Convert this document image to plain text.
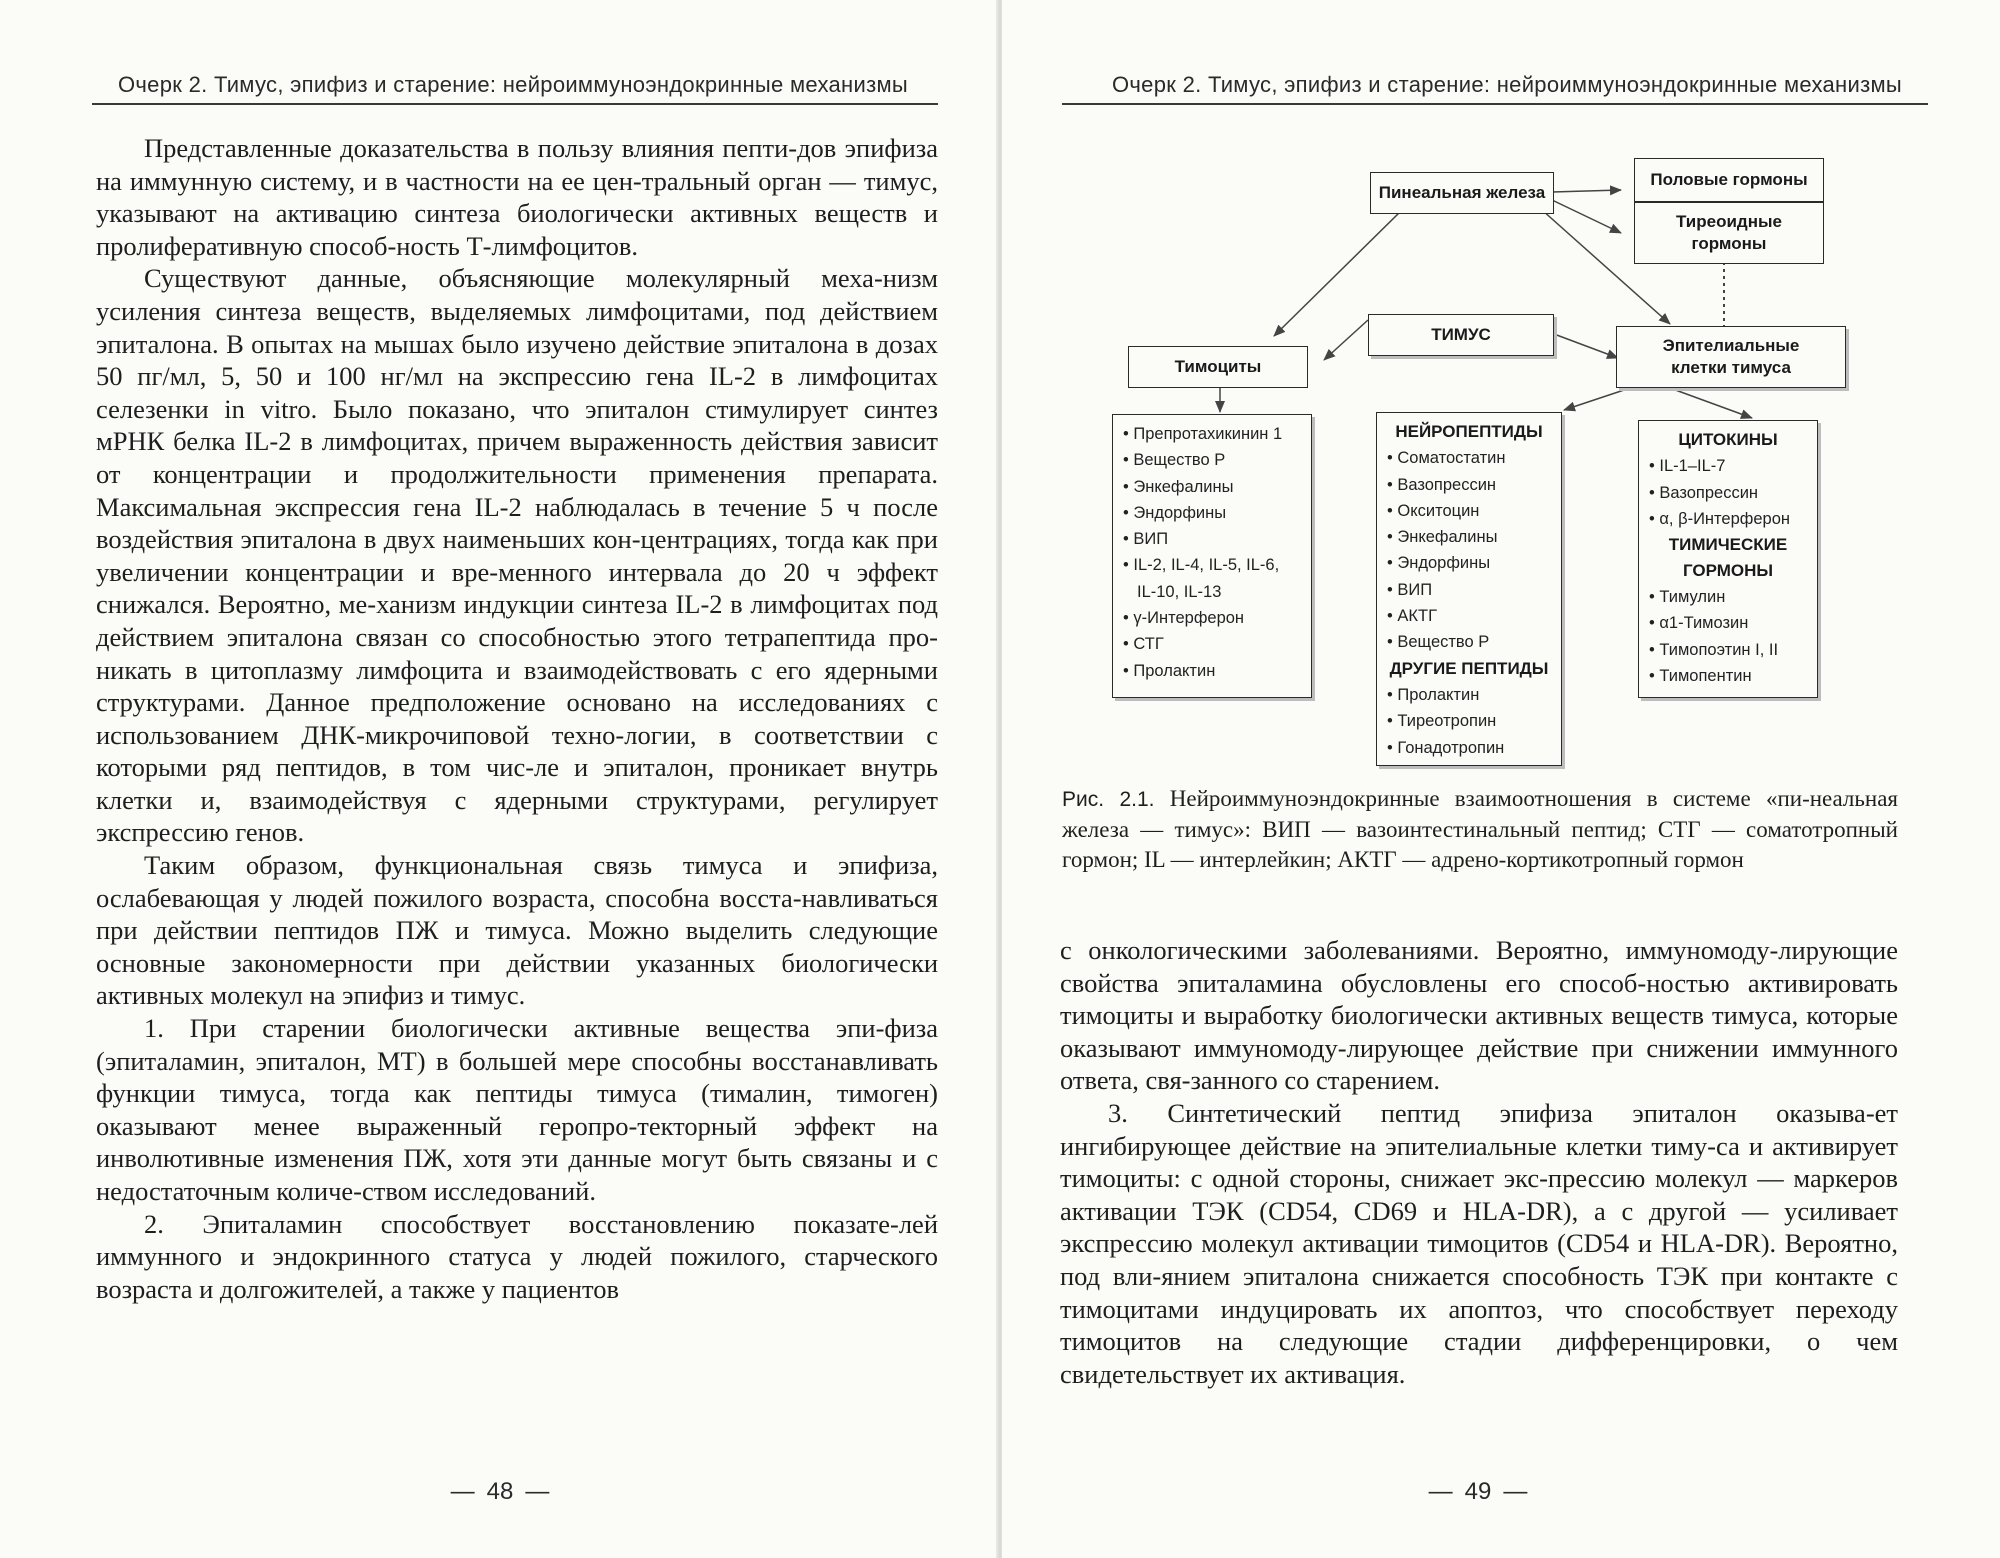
Очерк 2. Тимус, эпифиз и старение: нейроиммуноэндокринные механизмы

Представленные доказательства в пользу влияния пепти-дов эпифиза на иммунную систему, и в частности на ее цен-тральный орган — тимус, указывают на активацию синтеза биологически активных веществ и пролиферативную способ-ность Т-лимфоцитов.

Существуют данные, объясняющие молекулярный меха-низм усиления синтеза веществ, выделяемых лимфоцитами, под действием эпиталона. В опытах на мышах было изучено действие эпиталона в дозах 50 пг/мл, 5, 50 и 100 нг/мл на экспрессию гена IL-2 в лимфоцитах селезенки in vitro. Было показано, что эпиталон стимулирует синтез мРНК белка IL-2 в лимфоцитах, причем выраженность действия зависит от концентрации и продолжительности применения препарата. Максимальная экспрессия гена IL-2 наблюдалась в течение 5 ч после воздействия эпиталона в двух наименьших кон-центрациях, тогда как при увеличении концентрации и вре-менного интервала до 20 ч эффект снижался. Вероятно, ме-ханизм индукции синтеза IL-2 в лимфоцитах под действием эпиталона связан со способностью этого тетрапептида про-никать в цитоплазму лимфоцита и взаимодействовать с его ядерными структурами. Данное предположение основано на исследованиях с использованием ДНК-микрочиповой техно-логии, в соответствии с которыми ряд пептидов, в том чис-ле и эпиталон, проникает внутрь клетки и, взаимодействуя с ядерными структурами, регулирует экспрессию генов.

Таким образом, функциональная связь тимуса и эпифиза, ослабевающая у людей пожилого возраста, способна восста-навливаться при действии пептидов ПЖ и тимуса. Можно выделить следующие основные закономерности при действии указанных биологически активных молекул на эпифиз и тимус.

1. При старении биологически активные вещества эпи-физа (эпиталамин, эпиталон, МТ) в большей мере способны восстанавливать функции тимуса, тогда как пептиды тимуса (тималин, тимоген) оказывают менее выраженный геропро-текторный эффект на инволютивные изменения ПЖ, хотя эти данные могут быть связаны и с недостаточным количе-ством исследований.

2. Эпиталамин способствует восстановлению показате-лей иммунного и эндокринного статуса у людей пожилого, старческого возраста и долгожителей, а также у пациентов

— 48 —
Очерк 2. Тимус, эпифиз и старение: нейроиммуноэндокринные механизмы
Пинеальная железа
Половые гормоны
Тиреоидные гормоны
ТИМУС
Тимоциты
Эпителиальные клетки тимуса
• Препротахикинин 1
• Вещество Р
• Энкефалины
• Эндорфины
• ВИП
• IL-2, IL-4, IL-5, IL-6,
IL-10, IL-13
• γ-Интерферон
• СТГ
• Пролактин
НЕЙРОПЕПТИДЫ
• Соматостатин
• Вазопрессин
• Окситоцин
• Энкефалины
• Эндорфины
• ВИП
• АКТГ
• Вещество Р
ДРУГИЕ ПЕПТИДЫ
• Пролактин
• Тиреотропин
• Гонадотропин
ЦИТОКИНЫ
• IL-1–IL-7
• Вазопрессин
• α, β-Интерферон
ТИМИЧЕСКИЕ ГОРМОНЫ
• Тимулин
• α1-Тимозин
• Тимопоэтин I, II
• Тимопентин
Рис. 2.1. Нейроиммуноэндокринные взаимоотношения в системе «пи-неальная железа — тимус»: ВИП — вазоинтестинальный пептид; СТГ — соматотропный гормон; IL — интерлейкин; АКТГ — адрено-кортикотропный гормон

с онкологическими заболеваниями. Вероятно, иммуномоду-лирующие свойства эпиталамина обусловлены его способ-ностью активировать тимоциты и выработку биологически активных веществ тимуса, которые оказывают иммуномоду-лирующее действие при снижении иммунного ответа, свя-занного со старением.

3. Синтетический пептид эпифиза эпиталон оказыва-ет ингибирующее действие на эпителиальные клетки тиму-са и активирует тимоциты: с одной стороны, снижает экс-прессию молекул — маркеров активации ТЭК (CD54, CD69 и HLA-DR), а с другой — усиливает экспрессию молекул активации тимоцитов (CD54 и HLA-DR). Вероятно, под вли-янием эпиталона снижается способность ТЭК при контакте с тимоцитами индуцировать их апоптоз, что способствует переходу тимоцитов на следующие стадии дифференцировки, о чем свидетельствует их активация.

— 49 —
